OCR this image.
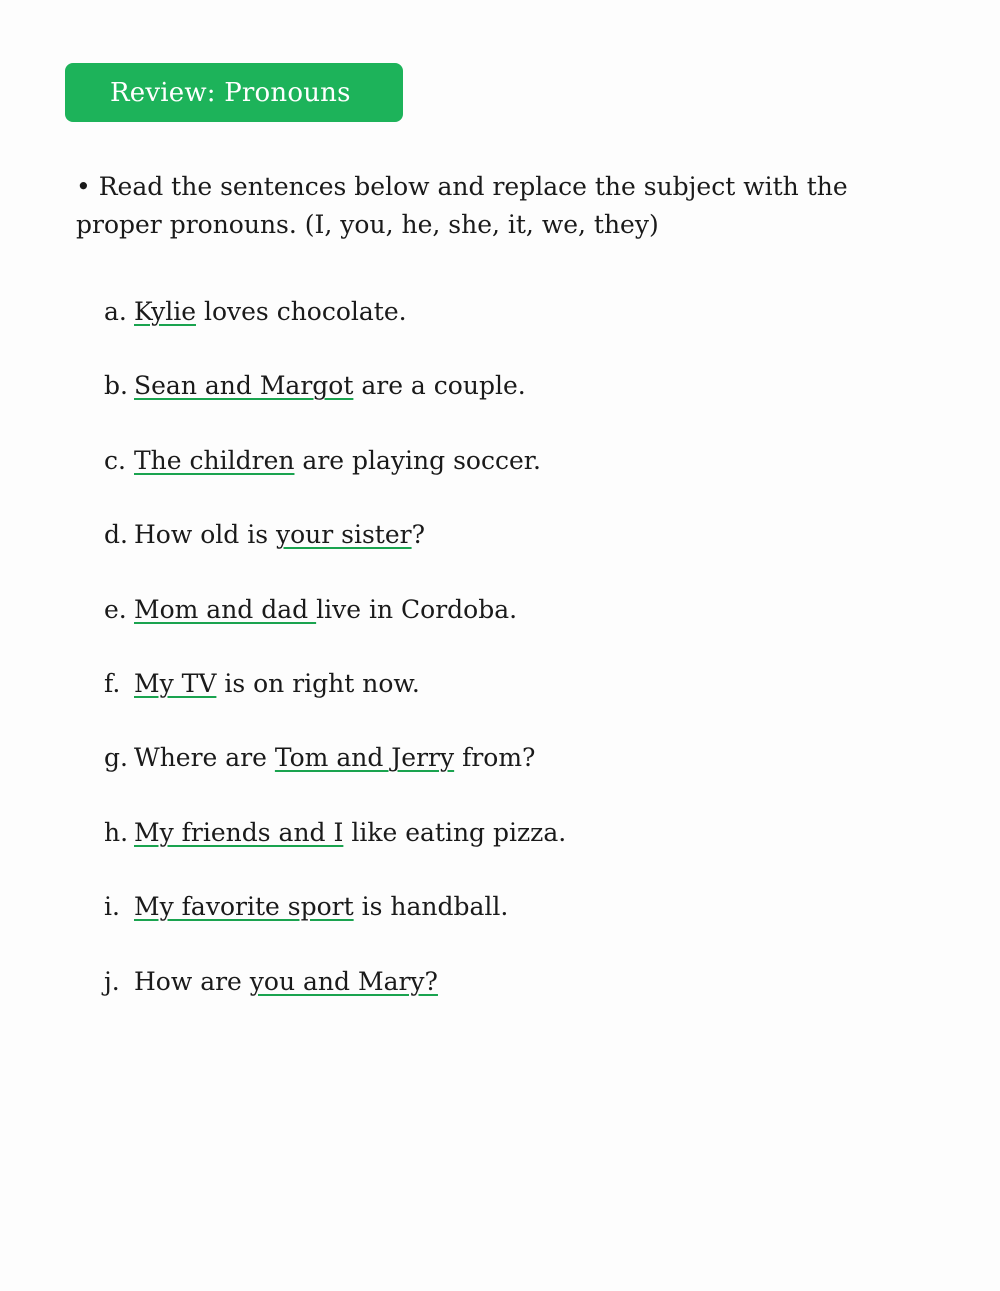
Review: Pronouns
• Read the sentences below and replace the subject with the proper pronouns. (I, you, he, she, it, we, they)
a. Kylie loves chocolate.
b. Sean and Margot are a couple.
c. The children are playing soccer.
d. How old is your sister ?
e. Mom and dad live in Cordoba.
f. My TV is on right now.
g. Where are Tom and Jerry from?
h. My friends and I like eating pizza.
i. My favorite sport is handball.
j. How are you and Mary?
